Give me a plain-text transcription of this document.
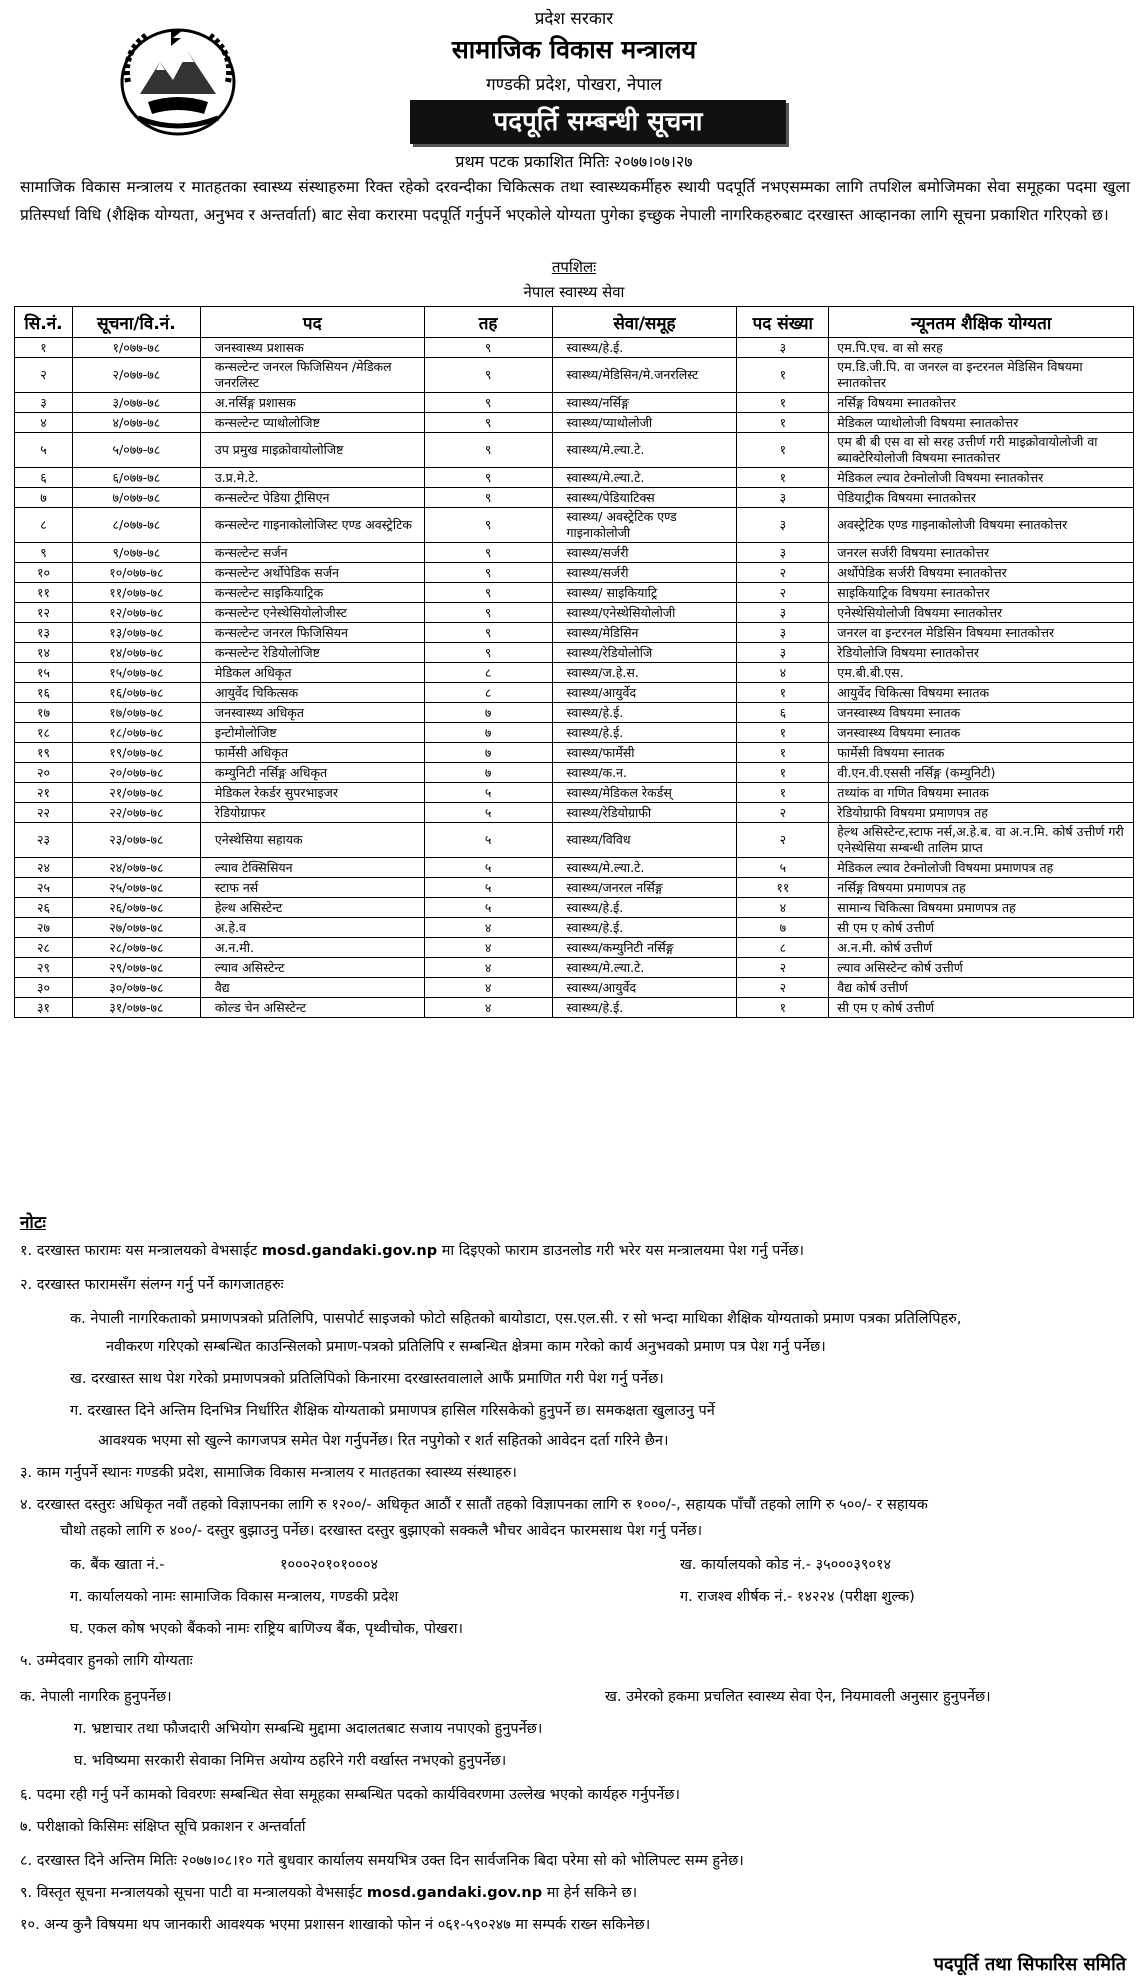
प्रदेश सरकार
सामाजिक विकास मन्त्रालय
गण्डकी प्रदेश, पोखरा, नेपाल
पदपूर्ति सम्बन्धी सूचना
प्रथम पटक प्रकाशित मितिः २०७७।०७।२७
सामाजिक विकास मन्त्रालय र मातहतका स्वास्थ्य संस्थाहरुमा रिक्त रहेको दरवन्दीका चिकित्सक तथा स्वास्थ्यकर्मीहरु स्थायी पदपूर्ति नभएसम्मका लागि तपशिल बमोजिमका सेवा समूहका पदमा खुला प्रतिस्पर्धा विधि (शैक्षिक योग्यता, अनुभव र अन्तर्वार्ता) बाट सेवा करारमा पदपूर्ति गर्नुपर्ने भएकोले योग्यता पुगेका इच्छुक नेपाली नागरिकहरुबाट दरखास्त आव्हानका लागि सूचना प्रकाशित गरिएको छ।
तपशिलः
नेपाल स्वास्थ्य सेवा
सि.नं.	सूचना/वि.नं.	पद	तह	सेवा/समूह	पद संख्या	न्यूनतम शैक्षिक योग्यता
१	१/०७७-७८	जनस्वास्थ्य प्रशासक	९	स्वास्थ्य/हे.ई.	३	एम.पि.एच. वा सो सरह
२	२/०७७-७८	कन्सल्टेन्ट जनरल फिजिसियन /मेडिकल जनरलिस्ट	९	स्वास्थ्य/मेडिसिन/मे.जनरलिस्ट	१	एम.डि.जी.पि. वा जनरल वा इन्टरनल मेडिसिन विषयमा स्नातकोत्तर
३	३/०७७-७८	अ.नर्सिङ्ग प्रशासक	९	स्वास्थ्य/नर्सिङ्ग	१	नर्सिङ्ग विषयमा स्नातकोत्तर
४	४/०७७-७८	कन्सल्टेन्ट प्याथोलोजिष्ट	९	स्वास्थ्य/प्याथोलोजी	१	मेडिकल प्याथोलोजी विषयमा स्नातकोत्तर
५	५/०७७-७८	उप प्रमुख माइक्रोवायोलोजिष्ट	९	स्वास्थ्य/मे.ल्या.टे.	१	एम बी बी एस वा सो सरह उत्तीर्ण गरी माइक्रोवायोलोजी वा ब्याक्टेरियोलोजी विषयमा स्नातकोत्तर
६	६/०७७-७८	उ.प्र.मे.टे.	९	स्वास्थ्य/मे.ल्या.टे.	१	मेडिकल ल्याव टेक्नोलोजी विषयमा स्नातकोत्तर
७	७/०७७-७८	कन्सल्टेन्ट पेडिया ट्रीसिएन	९	स्वास्थ्य/पेडियाटिक्स	३	पेडियाट्रीक विषयमा स्नातकोत्तर
८	८/०७७-७८	कन्सल्टेन्ट गाइनाकोलोजिस्ट एण्ड अवस्ट्रेटिक	९	स्वास्थ्य/ अवस्ट्रेटिक एण्ड गाइनाकोलोजी	३	अवस्ट्रेटिक एण्ड गाइनाकोलोजी विषयमा स्नातकोत्तर
९	९/०७७-७८	कन्सल्टेन्ट सर्जन	९	स्वास्थ्य/सर्जरी	३	जनरल सर्जरी विषयमा स्नातकोत्तर
१०	१०/०७७-७८	कन्सल्टेन्ट अर्थोपेडिक सर्जन	९	स्वास्थ्य/सर्जरी	२	अर्थोपेडिक सर्जरी विषयमा स्नातकोत्तर
११	११/०७७-७८	कन्सल्टेन्ट साइकियाट्रिक	९	स्वास्थ्य/ साइकियाट्रि	२	साइकियाट्रिक विषयमा स्नातकोत्तर
१२	१२/०७७-७८	कन्सल्टेन्ट एनेस्थेसियोलोजीस्ट	९	स्वास्थ्य/एनेस्थेसियोलोजी	३	एनेस्थेसियोलोजी विषयमा स्नातकोत्तर
१३	१३/०७७-७८	कन्सल्टेन्ट जनरल फिजिसियन	९	स्वास्थ्य/मेडिसिन	३	जनरल वा इन्टरनल मेडिसिन विषयमा स्नातकोत्तर
१४	१४/०७७-७८	कन्सल्टेन्ट रेडियोलोजिष्ट	९	स्वास्थ्य/रेडियोलोजि	३	रेडियोलोजि विषयमा स्नातकोत्तर
१५	१५/०७७-७८	मेडिकल अधिकृत	८	स्वास्थ्य/ज.हे.स.	४	एम.बी.बी.एस.
१६	१६/०७७-७८	आयुर्वेद चिकित्सक	८	स्वास्थ्य/आयुर्वेद	१	आयुर्वेद चिकित्सा विषयमा स्नातक
१७	१७/०७७-७८	जनस्वास्थ्य अधिकृत	७	स्वास्थ्य/हे.ई.	६	जनस्वास्थ्य विषयमा स्नातक
१८	१८/०७७-७८	इन्टोमोलोजिष्ट	७	स्वास्थ्य/हे.ई.	१	जनस्वास्थ्य विषयमा स्नातक
१९	१९/०७७-७८	फार्मेसी अधिकृत	७	स्वास्थ्य/फार्मेसी	१	फार्मेसी विषयमा स्नातक
२०	२०/०७७-७८	कम्युनिटी नर्सिङ्ग अधिकृत	७	स्वास्थ्य/क.न.	१	वी.एन.वी.एससी नर्सिङ्ग (कम्युनिटी)
२१	२१/०७७-७८	मेडिकल रेकर्डर सुपरभाइजर	५	स्वास्थ्य/मेडिकल रेकर्डस्	१	तथ्यांक वा गणित विषयमा स्नातक
२२	२२/०७७-७८	रेडियोग्राफर	५	स्वास्थ्य/रेडियोग्राफी	२	रेडियोग्राफी विषयमा प्रमाणपत्र तह
२३	२३/०७७-७८	एनेस्थेसिया सहायक	५	स्वास्थ्य/विविध	२	हेल्थ असिस्टेन्ट,स्टाफ नर्स,अ.हे.ब. वा अ.न.मि. कोर्ष उत्तीर्ण गरी एनेस्थेसिया सम्बन्धी तालिम प्राप्त
२४	२४/०७७-७८	ल्याव टेक्सिसियन	५	स्वास्थ्य/मे.ल्या.टे.	५	मेडिकल ल्याव टेक्नोलोजी विषयमा प्रमाणपत्र तह
२५	२५/०७७-७८	स्टाफ नर्स	५	स्वास्थ्य/जनरल नर्सिङ्ग	११	नर्सिङ्ग विषयमा प्रमाणपत्र तह
२६	२६/०७७-७८	हेल्थ असिस्टेन्ट	५	स्वास्थ्य/हे.ई.	४	सामान्य चिकित्सा विषयमा प्रमाणपत्र तह
२७	२७/०७७-७८	अ.हे.व	४	स्वास्थ्य/हे.ई.	७	सी एम ए कोर्ष उत्तीर्ण
२८	२८/०७७-७८	अ.न.मी.	४	स्वास्थ्य/कम्युनिटी नर्सिङ्ग	८	अ.न.मी. कोर्ष उत्तीर्ण
२९	२९/०७७-७८	ल्याव असिस्टेन्ट	४	स्वास्थ्य/मे.ल्या.टे.	२	ल्याव असिस्टेन्ट कोर्ष उत्तीर्ण
३०	३०/०७७-७८	वैद्य	४	स्वास्थ्य/आयुर्वेद	२	वैद्य कोर्ष उत्तीर्ण
३१	३१/०७७-७८	कोल्ड चेन असिस्टेन्ट	४	स्वास्थ्य/हे.ई.	१	सी एम ए कोर्ष उत्तीर्ण

नोटः

१. दरखास्त फारामः यस मन्त्रालयको वेभसाईट mosd.gandaki.gov.np मा दिइएको फाराम डाउनलोड गरी भरेर यस मन्त्रालयमा पेश गर्नु पर्नेछ।

२. दरखास्त फारामसँग संलग्न गर्नु पर्ने कागजातहरुः

क. नेपाली नागरिकताको प्रमाणपत्रको प्रतिलिपि, पासपोर्ट साइजको फोटो सहितको बायोडाटा, एस.एल.सी. र सो भन्दा माथिका शैक्षिक योग्यताको प्रमाण पत्रका प्रतिलिपिहरु,

नवीकरण गरिएको सम्बन्धित काउन्सिलको प्रमाण-पत्रको प्रतिलिपि र सम्बन्धित क्षेत्रमा काम गरेको कार्य अनुभवको प्रमाण पत्र पेश गर्नु पर्नेछ।

ख. दरखास्त साथ पेश गरेको प्रमाणपत्रको प्रतिलिपिको किनारमा दरखास्तवालाले आफैं प्रमाणित गरी पेश गर्नु पर्नेछ।

ग. दरखास्त दिने अन्तिम दिनभित्र निर्धारित शैक्षिक योग्यताको प्रमाणपत्र हासिल गरिसकेको हुनुपर्ने छ। समकक्षता खुलाउनु पर्ने

आवश्यक भएमा सो खुल्ने कागजपत्र समेत पेश गर्नुपर्नेछ। रित नपुगेको र शर्त सहितको आवेदन दर्ता गरिने छैन।

३. काम गर्नुपर्ने स्थानः गण्डकी प्रदेश, सामाजिक विकास मन्त्रालय र मातहतका स्वास्थ्य संस्थाहरु।

४. दरखास्त दस्तुरः अधिकृत नवौं तहको विज्ञापनका लागि रु १२००/- अधिकृत आठौं र सातौं तहको विज्ञापनका लागि रु १०००/-, सहायक पाँचौं तहको लागि रु ५००/- र सहायक

चौथो तहको लागि रु ४००/- दस्तुर बुझाउनु पर्नेछ। दरखास्त दस्तुर बुझाएको सक्कलै भौचर आवेदन फारमसाथ पेश गर्नु पर्नेछ।

क. बैंक खाता नं.-	१०००२०१०१०००४	ख. कार्यालयको कोड नं.- ३५०००३९०१४

ग. कार्यालयको नामः सामाजिक विकास मन्त्रालय, गण्डकी प्रदेश	ग. राजश्व शीर्षक नं.- १४२२४ (परीक्षा शुल्क)

घ. एकल कोष भएको बैंकको नामः राष्ट्रिय बाणिज्य बैंक, पृथ्वीचोक, पोखरा।

५. उम्मेदवार हुनको लागि योग्यताः

क. नेपाली नागरिक हुनुपर्नेछ।	ख. उमेरको हकमा प्रचलित स्वास्थ्य सेवा ऐन, नियमावली अनुसार हुनुपर्नेछ।

ग. भ्रष्टाचार तथा फौजदारी अभियोग सम्बन्धि मुद्दामा अदालतबाट सजाय नपाएको हुनुपर्नेछ।

घ. भविष्यमा सरकारी सेवाका निमित्त अयोग्य ठहरिने गरी वर्खास्त नभएको हुनुपर्नेछ।

६. पदमा रही गर्नु पर्ने कामको विवरणः सम्बन्धित सेवा समूहका सम्बन्धित पदको कार्यविवरणमा उल्लेख भएको कार्यहरु गर्नुपर्नेछ।

७. परीक्षाको किसिमः संक्षिप्त सूचि प्रकाशन र अन्तर्वार्ता

८. दरखास्त दिने अन्तिम मितिः २०७७।०८।१० गते बुधवार कार्यालय समयभित्र उक्त दिन सार्वजनिक बिदा परेमा सो को भोलिपल्ट सम्म हुनेछ।

९. विस्तृत सूचना मन्त्रालयको सूचना पाटी वा मन्त्रालयको वेभसाईट mosd.gandaki.gov.np मा हेर्न सकिने छ।

१०. अन्य कुनै विषयमा थप जानकारी आवश्यक भएमा प्रशासन शाखाको फोन नं ०६१-५९०२४७ मा सम्पर्क राख्न सकिनेछ।

पदपूर्ति तथा सिफारिस समिति
